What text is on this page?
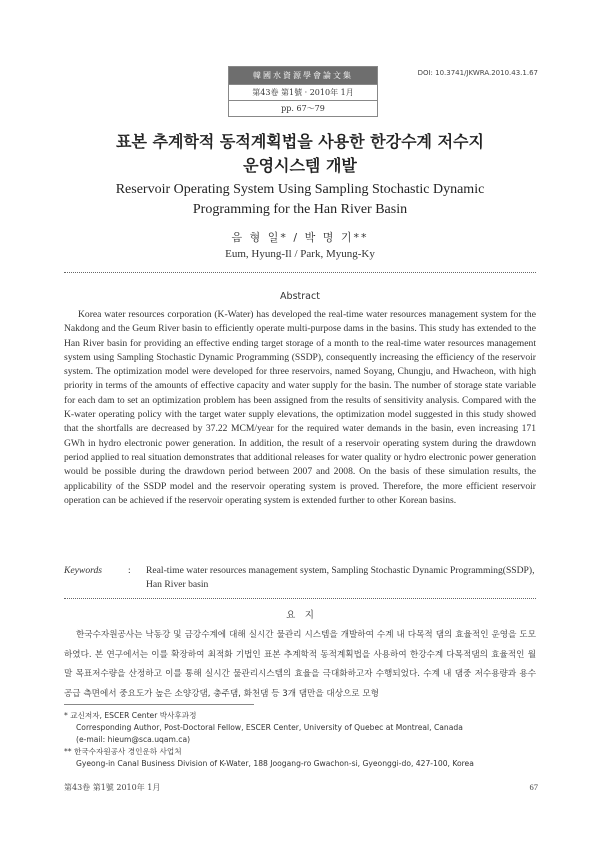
韓國水資源學會論文集
第43卷 第1號 · 2010年 1月
pp. 67～79
DOI: 10.3741/JKWRA.2010.43.1.67
표본 추계학적 동적계획법을 사용한 한강수계 저수지
운영시스템 개발
Reservoir Operating System Using Sampling Stochastic Dynamic
Programming for the Han River Basin
음 형 일* / 박 명 기**
Eum, Hyung-Il / Park, Myung-Ky
Abstract

Korea water resources corporation (K-Water) has developed the real-time water resources management system for the Nakdong and the Geum River basin to efficiently operate multi-purpose dams in the basins. This study has extended to the Han River basin for providing an effective ending target storage of a month to the real-time water resources management system using Sampling Stochastic Dynamic Programming (SSDP), consequently increasing the efficiency of the reservoir system. The optimization model were developed for three reservoirs, named Soyang, Chungju, and Hwacheon, with high priority in terms of the amounts of effective capacity and water supply for the basin. The number of storage state variable for each dam to set an optimization problem has been assigned from the results of sensitivity analysis. Compared with the K-water operating policy with the target water supply elevations, the optimization model suggested in this study showed that the shortfalls are decreased by 37.22 MCM/year for the required water demands in the basin, even increasing 171 GWh in hydro electronic power generation. In addition, the result of a reservoir operating system during the drawdown period applied to real situation demonstrates that additional releases for water quality or hydro electronic power generation would be possible during the drawdown period between 2007 and 2008. On the basis of these simulation results, the applicability of the SSDP model and the reservoir operating system is proved. Therefore, the more efficient reservoir operation can be achieved if the reservoir operating system is extended further to other Korean basins.

Keywords	:	Real-time water resources management system, Sampling Stochastic Dynamic Programming(SSDP), Han River basin
요　지

한국수자원공사는 낙동강 및 금강수계에 대해 실시간 물관리 시스템을 개발하여 수계 내 다목적 댐의 효율적인 운영을 도모하였다. 본 연구에서는 이를 확장하여 최적화 기법인 표본 추계학적 동적계획법을 사용하여 한강수계 다목적댐의 효율적인 월말 목표저수량을 산정하고 이를 통해 실시간 물관리시스템의 효율을 극대화하고자 수행되었다. 수계 내 댐중 저수용량과 용수공급 측면에서 중요도가 높은 소양강댐, 충주댐, 화천댐 등 3개 댐만을 대상으로 모형

* 교신저자, ESCER Center 박사후과정
Corresponding Author, Post-Doctoral Fellow, ESCER Center, University of Quebec at Montreal, Canada
(e-mail: hieum@sca.uqam.ca)
** 한국수자원공사 경인운하 사업처
Gyeong-in Canal Business Division of K-Water, 188 Joogang-ro Gwachon-si, Gyeonggi-do, 427-100, Korea
第43卷 第1號 2010年 1月	67
